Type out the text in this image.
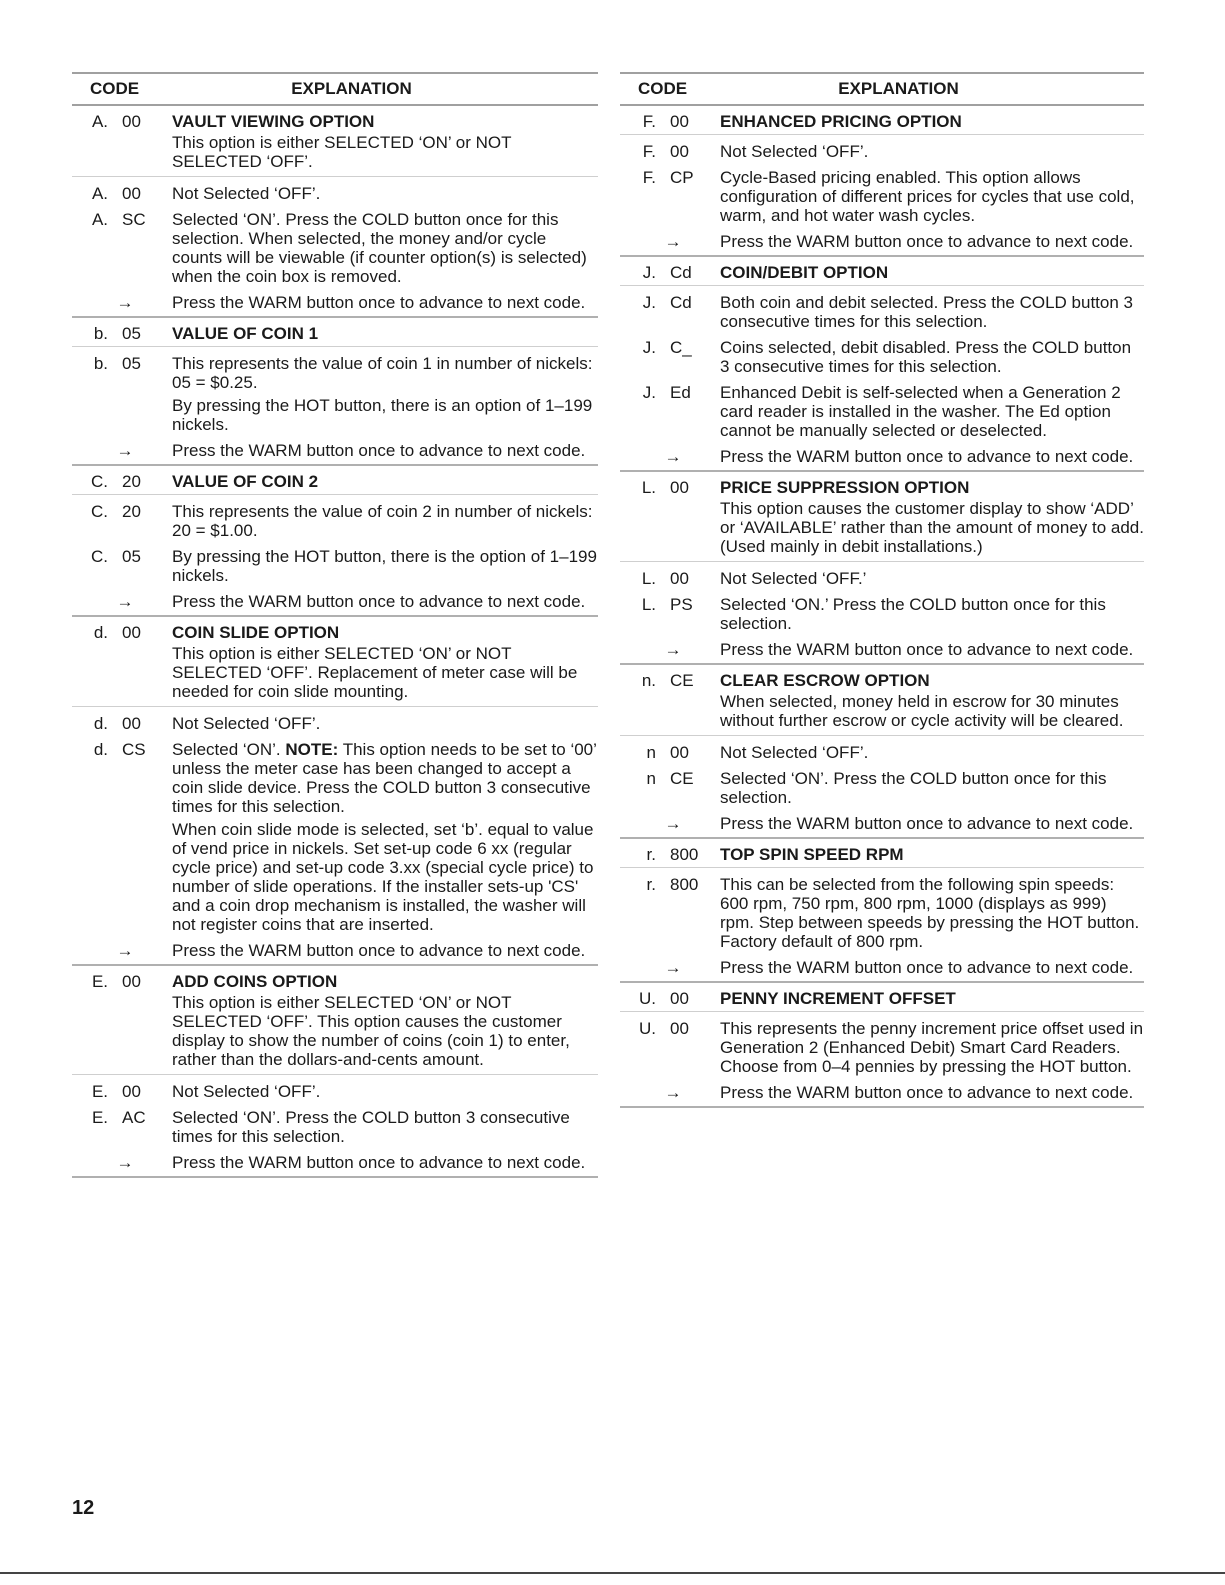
CODE	EXPLANATION
A. 00 VAULT VIEWING OPTION
This option is either SELECTED ‘ON’ or NOT SELECTED ‘OFF’.
A. 00 Not Selected ‘OFF’.
A. SC Selected ‘ON’. Press the COLD button once for this selection. When selected, the money and/or cycle counts will be viewable (if counter option(s) is selected) when the coin box is removed.
→	Press the WARM button once to advance to next code.
b. 05 VALUE OF COIN 1
b. 05 This represents the value of coin 1 in number of nickels: 05 = $0.25.
By pressing the HOT button, there is an option of 1–199 nickels.
→	Press the WARM button once to advance to next code.
C. 20 VALUE OF COIN 2
C. 20 This represents the value of coin 2 in number of nickels: 20 = $1.00.
C. 05 By pressing the HOT button, there is the option of 1–199 nickels.
→	Press the WARM button once to advance to next code.
d. 00 COIN SLIDE OPTION
This option is either SELECTED ‘ON’ or NOT SELECTED ‘OFF’. Replacement of meter case will be needed for coin slide mounting.
d. 00 Not Selected ‘OFF’.
d. CS Selected ‘ON’. NOTE: This option needs to be set to ‘00’ unless the meter case has been changed to accept a coin slide device. Press the COLD button 3 consecutive times for this selection.
When coin slide mode is selected, set ‘b’. equal to value of vend price in nickels. Set set-up code 6 xx (regular cycle price) and set-up code 3.xx (special cycle price) to number of slide operations. If the installer sets-up 'CS' and a coin drop mechanism is installed, the washer will not register coins that are inserted.
→	Press the WARM button once to advance to next code.
E. 00 ADD COINS OPTION
This option is either SELECTED ‘ON’ or NOT SELECTED ‘OFF’. This option causes the customer display to show the number of coins (coin 1) to enter, rather than the dollars-and-cents amount.
E. 00 Not Selected ‘OFF’.
E. AC Selected ‘ON’. Press the COLD button 3 consecutive times for this selection.
→	Press the WARM button once to advance to next code.
CODE	EXPLANATION
F. 00 ENHANCED PRICING OPTION
F. 00 Not Selected ‘OFF’.
F. CP Cycle-Based pricing enabled. This option allows configuration of different prices for cycles that use cold, warm, and hot water wash cycles.
→	Press the WARM button once to advance to next code.
J. Cd COIN/DEBIT OPTION
J. Cd Both coin and debit selected. Press the COLD button 3 consecutive times for this selection.
J. C_ Coins selected, debit disabled. Press the COLD button 3 consecutive times for this selection.
J. Ed Enhanced Debit is self-selected when a Generation 2 card reader is installed in the washer. The Ed option cannot be manually selected or deselected.
→	Press the WARM button once to advance to next code.
L. 00 PRICE SUPPRESSION OPTION
This option causes the customer display to show ‘ADD’ or ‘AVAILABLE’ rather than the amount of money to add. (Used mainly in debit installations.)
L. 00 Not Selected ‘OFF.’
L. PS Selected ‘ON.’ Press the COLD button once for this selection.
→	Press the WARM button once to advance to next code.
n. CE CLEAR ESCROW OPTION
When selected, money held in escrow for 30 minutes without further escrow or cycle activity will be cleared.
n 00 Not Selected ‘OFF’.
n CE Selected ‘ON’. Press the COLD button once for this selection.
→	Press the WARM button once to advance to next code.
r. 800 TOP SPIN SPEED RPM
r. 800 This can be selected from the following spin speeds: 600 rpm, 750 rpm, 800 rpm, 1000 (displays as 999) rpm. Step between speeds by pressing the HOT button. Factory default of 800 rpm.
→	Press the WARM button once to advance to next code.
U. 00 PENNY INCREMENT OFFSET
U. 00 This represents the penny increment price offset used in Generation 2 (Enhanced Debit) Smart Card Readers. Choose from 0–4 pennies by pressing the HOT button.
→	Press the WARM button once to advance to next code.
12
